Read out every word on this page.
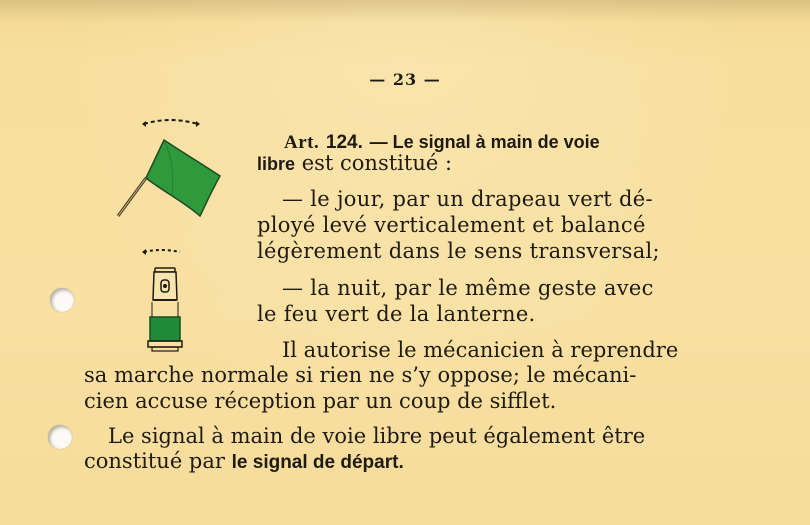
— 23 —
Art. 124. — Le signal à main de voie
libre est constitué :
— le jour, par un drapeau vert dé-
ployé levé verticalement et balancé
légèrement dans le sens transversal;
— la nuit, par le même geste avec
le feu vert de la lanterne.
Il autorise le mécanicien à reprendre
sa marche normale si rien ne s’y oppose; le mécani-
cien accuse réception par un coup de sifflet.
Le signal à main de voie libre peut également être
constitué par le signal de départ.
